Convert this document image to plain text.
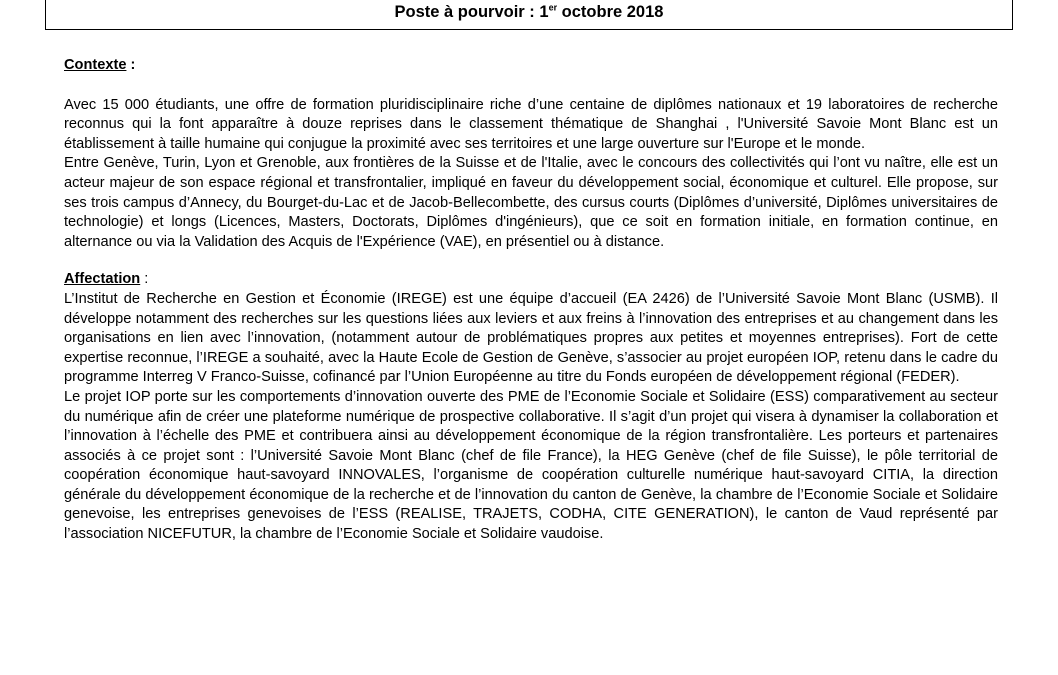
Poste à pourvoir : 1er octobre 2018
Contexte :

Avec 15 000 étudiants, une offre de formation pluridisciplinaire riche d’une centaine de diplômes nationaux et 19 laboratoires de recherche reconnus qui la font apparaître à douze reprises dans le classement thématique de Shanghai , l'Université Savoie Mont Blanc est un établissement à taille humaine qui conjugue la proximité avec ses territoires et une large ouverture sur l'Europe et le monde.

Entre Genève, Turin, Lyon et Grenoble, aux frontières de la Suisse et de l'Italie, avec le concours des collectivités qui l’ont vu naître, elle est un acteur majeur de son espace régional et transfrontalier, impliqué en faveur du développement social, économique et culturel. Elle propose, sur ses trois campus d’Annecy, du Bourget-du-Lac et de Jacob-Bellecombette, des cursus courts (Diplômes d’université, Diplômes universitaires de technologie) et longs (Licences, Masters, Doctorats, Diplômes d'ingénieurs), que ce soit en formation initiale, en formation continue, en alternance ou via la Validation des Acquis de l'Expérience (VAE), en présentiel ou à distance.

Affectation :

L’Institut de Recherche en Gestion et Économie (IREGE) est une équipe d’accueil (EA 2426) de l’Université Savoie Mont Blanc (USMB). Il développe notamment des recherches sur les questions liées aux leviers et aux freins à l’innovation des entreprises et au changement dans les organisations en lien avec l’innovation, (notamment autour de problématiques propres aux petites et moyennes entreprises). Fort de cette expertise reconnue, l’IREGE a souhaité, avec la Haute Ecole de Gestion de Genève, s’associer au projet européen IOP, retenu dans le cadre du programme Interreg V Franco-Suisse, cofinancé par l’Union Européenne au titre du Fonds européen de développement régional (FEDER).

Le projet IOP porte sur les comportements d’innovation ouverte des PME de l’Economie Sociale et Solidaire (ESS) comparativement au secteur du numérique afin de créer une plateforme numérique de prospective collaborative. Il s’agit d’un projet qui visera à dynamiser la collaboration et l’innovation à l’échelle des PME et contribuera ainsi au développement économique de la région transfrontalière. Les porteurs et partenaires associés à ce projet sont : l’Université Savoie Mont Blanc (chef de file France), la HEG Genève (chef de file Suisse), le pôle territorial de coopération économique haut-savoyard INNOVALES, l’organisme de coopération culturelle numérique haut-savoyard CITIA, la direction générale du développement économique de la recherche et de l’innovation du canton de Genève, la chambre de l’Economie Sociale et Solidaire genevoise, les entreprises genevoises de l’ESS (REALISE, TRAJETS, CODHA, CITE GENERATION), le canton de Vaud représenté par l’association NICEFUTUR, la chambre de l’Economie Sociale et Solidaire vaudoise.
